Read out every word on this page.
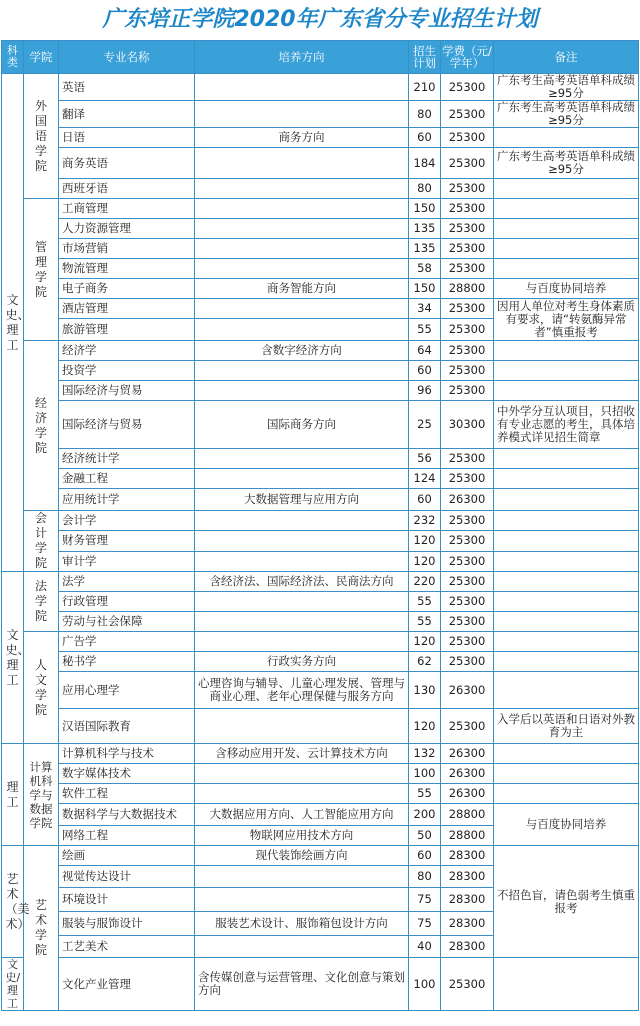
广东培正学院2020年广东省分专业招生计划
科类	学院	专业名称	培养方向	招生计划	学费（元/学年）	备注
文史、理工	外国语学院	英语		210	25300	广东考生高考英语单科成绩≥95分
		翻译		80	25300	广东考生高考英语单科成绩≥95分
		日语	商务方向	60	25300	
		商务英语		184	25300	广东考生高考英语单科成绩≥95分
		西班牙语		80	25300	
	管理学院	工商管理		150	25300	
		人力资源管理		135	25300	
		市场营销		135	25300	
		物流管理		58	25300	
		电子商务	商务智能方向	150	28800	与百度协同培养
		酒店管理		34	25300	因用人单位对考生身体素质有要求，请“转氨酶异常者”慎重报考
		旅游管理		55	25300	
	经济学院	经济学	含数字经济方向	64	25300	
		投资学		60	25300	
		国际经济与贸易		96	25300	
		国际经济与贸易	国际商务方向	25	30300	中外学分互认项目，只招收有专业志愿的考生，具体培养模式详见招生简章
		经济统计学		56	25300	
		金融工程		124	25300	
		应用统计学	大数据管理与应用方向	60	26300	
	会计学院	会计学		232	25300	
		财务管理		120	25300	
		审计学		120	25300	
文史、理工	法学院	法学	含经济法、国际经济法、民商法方向	220	25300	
		行政管理		55	25300	
		劳动与社会保障		55	25300	
	人文学院	广告学		120	25300	
		秘书学	行政实务方向	62	25300	
		应用心理学	心理咨询与辅导、儿童心理发展、管理与商业心理、老年心理保健与服务方向	130	26300	
		汉语国际教育		120	25300	入学后以英语和日语对外教育为主
理工	计算机科学与数据学院	计算机科学与技术	含移动应用开发、云计算技术方向	132	26300	
		数字媒体技术		100	26300	
		软件工程		55	26300	
		数据科学与大数据技术	大数据应用方向、人工智能应用方向	200	28800	与百度协同培养
		网络工程	物联网应用技术方向	50	28800	
艺术（美术）	艺术学院	绘画	现代装饰绘画方向	60	28300	不招色盲，请色弱考生慎重报考
		视觉传达设计		80	28300	
		环境设计		75	28300	
		服装与服饰设计	服装艺术设计、服饰箱包设计方向	75	28300	
		工艺美术		40	28300	
文史/理工		文化产业管理	含传媒创意与运营管理、文化创意与策划方向	100	25300	
